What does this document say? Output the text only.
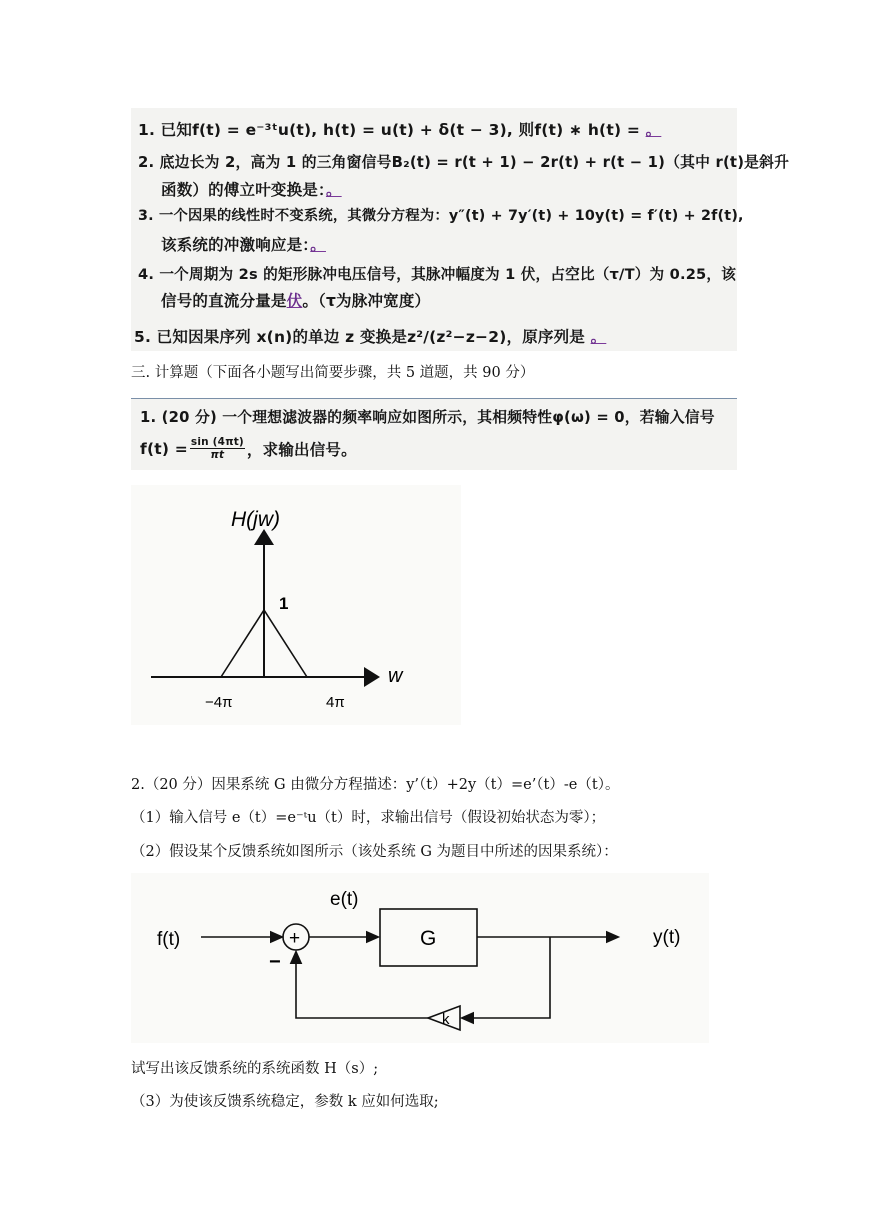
1. 已知f(t) = e⁻³ᵗu(t), h(t) = u(t) + δ(t − 3), 则f(t) ∗ h(t) = 。
2. 底边长为 2，高为 1 的三角窗信号B₂(t) = r(t + 1) − 2r(t) + r(t − 1)（其中 r(t)是斜升
函数）的傅立叶变换是：。
3. 一个因果的线性时不变系统，其微分方程为：y″(t) + 7y′(t) + 10y(t) = f′(t) + 2f(t),
该系统的冲激响应是：。
4. 一个周期为 2s 的矩形脉冲电压信号，其脉冲幅度为 1 伏，占空比（τ/T）为 0.25，该
信号的直流分量是伏。（τ为脉冲宽度）
5. 已知因果序列 x(n)的单边 z 变换是z²/(z²−z−2)，原序列是 。
三. 计算题（下面各小题写出简要步骤，共 5 道题，共 90 分）
1. (20 分) 一个理想滤波器的频率响应如图所示，其相频特性φ(ω) = 0，若输入信号
$f(t) = \frac{\sin (4\pi t)}{\pi t}$ ，求输出信号。
H(jw)
1
w
−4π	4π
2.（20 分）因果系统 G 由微分方程描述：y’（t）+2y（t）=e’（t）-e（t）。
（1）输入信号 e（t）=e⁻ᵗu（t）时，求输出信号（假设初始状态为零）；
（2）假设某个反馈系统如图所示（该处系统 G 为题目中所述的因果系统）：
f(t)	+
−
e(t)
G	y(t)
k
试写出该反馈系统的系统函数 H（s）;
（3）为使该反馈系统稳定，参数 k 应如何选取;
